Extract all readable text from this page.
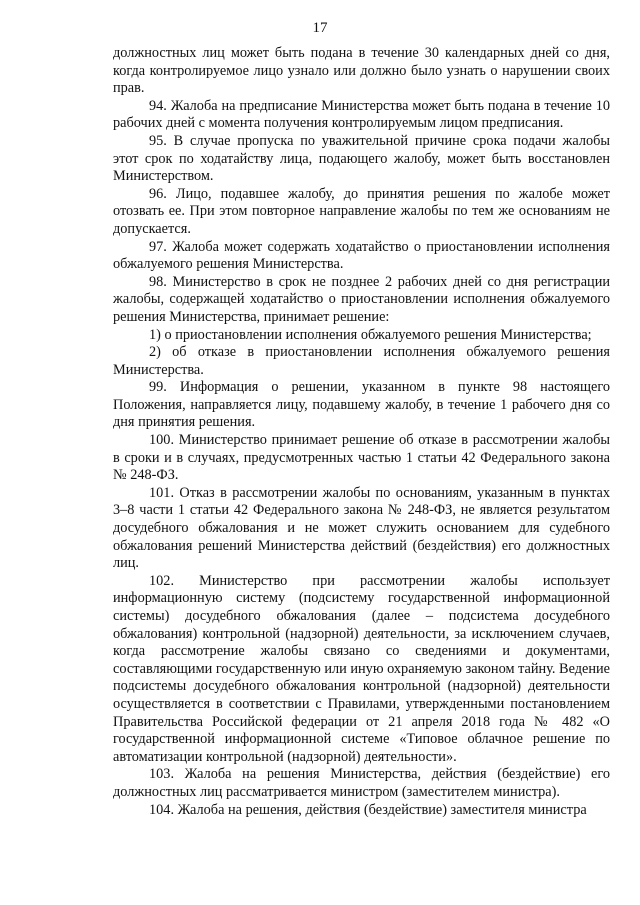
17

должностных лиц может быть подана в течение 30 календарных дней со дня, когда контролируемое лицо узнало или должно было узнать о нарушении своих прав.

94. Жалоба на предписание Министерства может быть подана в течение 10 рабочих дней с момента получения контролируемым лицом предписания.

95. В случае пропуска по уважительной причине срока подачи жалобы этот срок по ходатайству лица, подающего жалобу, может быть восстановлен Министерством.

96. Лицо, подавшее жалобу, до принятия решения по жалобе может отозвать ее. При этом повторное направление жалобы по тем же основаниям не допускается.

97. Жалоба может содержать ходатайство о приостановлении исполнения обжалуемого решения Министерства.

98. Министерство в срок не позднее 2 рабочих дней со дня регистрации жалобы, содержащей ходатайство о приостановлении исполнения обжалуемого решения Министерства, принимает решение:

1) о приостановлении исполнения обжалуемого решения Министерства;

2) об отказе в приостановлении исполнения обжалуемого решения Министерства.

99. Информация о решении, указанном в пункте 98 настоящего Положения, направляется лицу, подавшему жалобу, в течение 1 рабочего дня со дня принятия решения.

100. Министерство принимает решение об отказе в рассмотрении жалобы в сроки и в случаях, предусмотренных частью 1 статьи 42 Федерального закона № 248-ФЗ.

101. Отказ в рассмотрении жалобы по основаниям, указанным в пунктах 3–8 части 1 статьи 42 Федерального закона № 248-ФЗ, не является результатом досудебного обжалования и не может служить основанием для судебного обжалования решений Министерства действий (бездействия) его должностных лиц.

102. Министерство при рассмотрении жалобы использует информационную систему (подсистему государственной информационной системы) досудебного обжалования (далее – подсистема досудебного обжалования) контрольной (надзорной) деятельности, за исключением случаев, когда рассмотрение жалобы связано со сведениями и документами, составляющими государственную или иную охраняемую законом тайну. Ведение подсистемы досудебного обжалования контрольной (надзорной) деятельности осуществляется в соответствии с Правилами, утвержденными постановлением Правительства Российской федерации от 21 апреля 2018 года № 482 «О государственной информационной системе «Типовое облачное решение по автоматизации контрольной (надзорной) деятельности».

103. Жалоба на решения Министерства, действия (бездействие) его должностных лиц рассматривается министром (заместителем министра).

104. Жалоба на решения, действия (бездействие) заместителя министра
